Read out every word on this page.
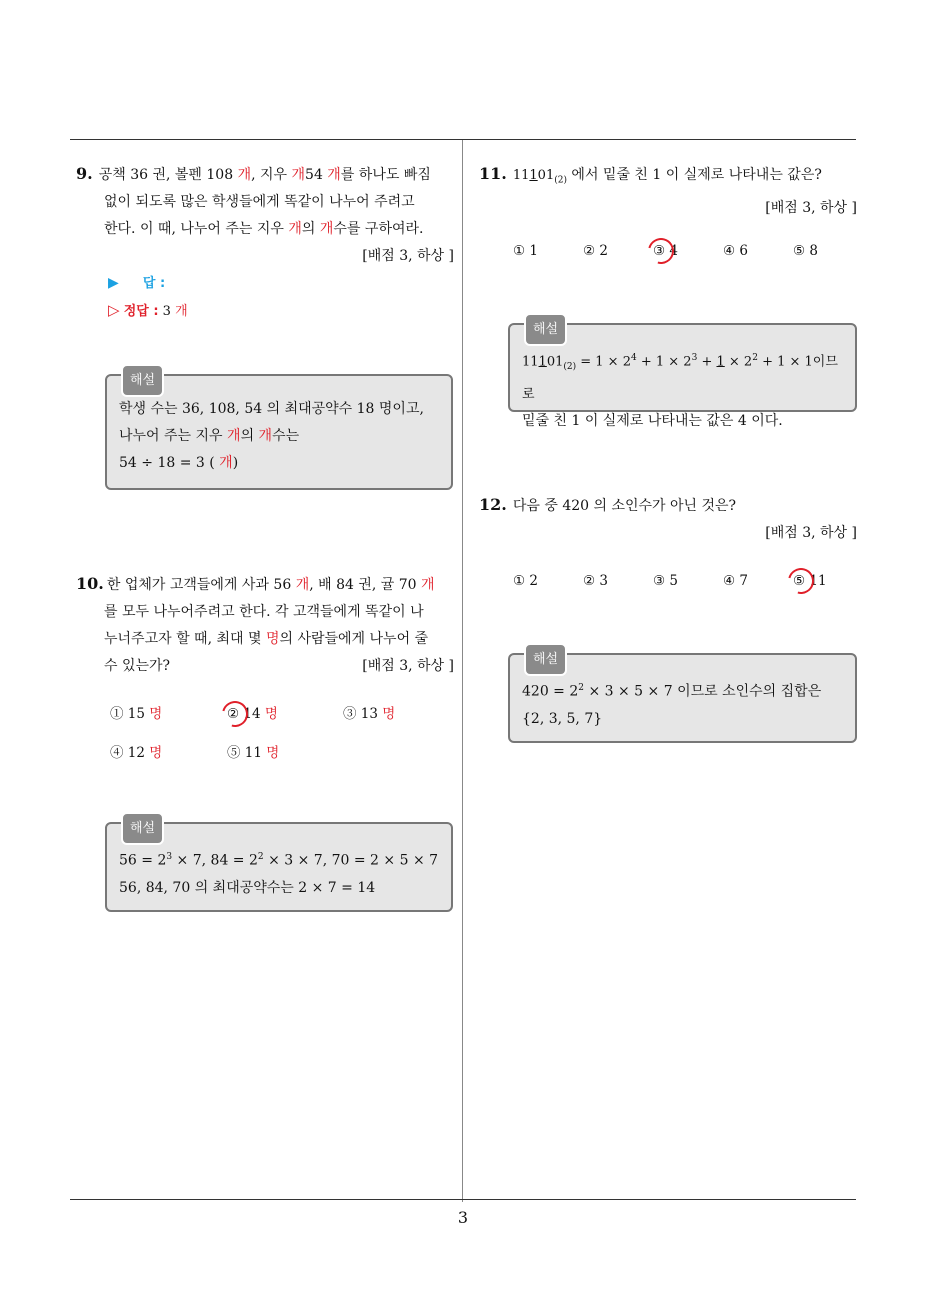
3
9. 공책 36 권, 볼펜 108 개, 지우 개54 개를 하나도 빠짐
없이 되도록 많은 학생들에게 똑같이 나누어 주려고
한다. 이 때, 나누어 주는 지우 개의 개수를 구하여라.
[배점 3, 하상 ]
▶ 답 :
▷ 정답 : 3 개
해설
학생 수는 36, 108, 54 의 최대공약수 18 명이고,
나누어 주는 지우 개의 개수는
54 ÷ 18 = 3 ( 개)
10. 한 업체가 고객들에게 사과 56 개, 배 84 권, 귤 70 개
를 모두 나누어주려고 한다. 각 고객들에게 똑같이 나
누너주고자 할 때, 최대 몇 명의 사람들에게 나누어 줄
수 있는가?	[배점 3, 하상 ]
① 15 명	② 14 명	③ 13 명
④ 12 명	⑤ 11 명
해설
$56 = 2^3 \times 7$, $84 = 2^2 \times 3 \times 7$, 70 = 2 × 5 × 7
56, 84, 70 의 최대공약수는 2 × 7 = 14
11. $11101_{(2)}$ 에서 밑줄 친 1 이 실제로 나타내는 값은?
[배점 3, 하상 ]
① 1	② 2	③ 4	④ 6	⑤ 8
해설
$11101_{(2)} = 1 \times 2^4 + 1 \times 2^3 + 1 \times 2^2 + 1 \times 1$이므로
밑줄 친 1 이 실제로 나타내는 값은 4 이다.
12. 다음 중 420 의 소인수가 아닌 것은?
[배점 3, 하상 ]
① 2	② 3	③ 5	④ 7	⑤ 11
해설
$420 = 2^2 \times 3 \times 5 \times 7$ 이므로 소인수의 집합은
{2, 3, 5, 7}
